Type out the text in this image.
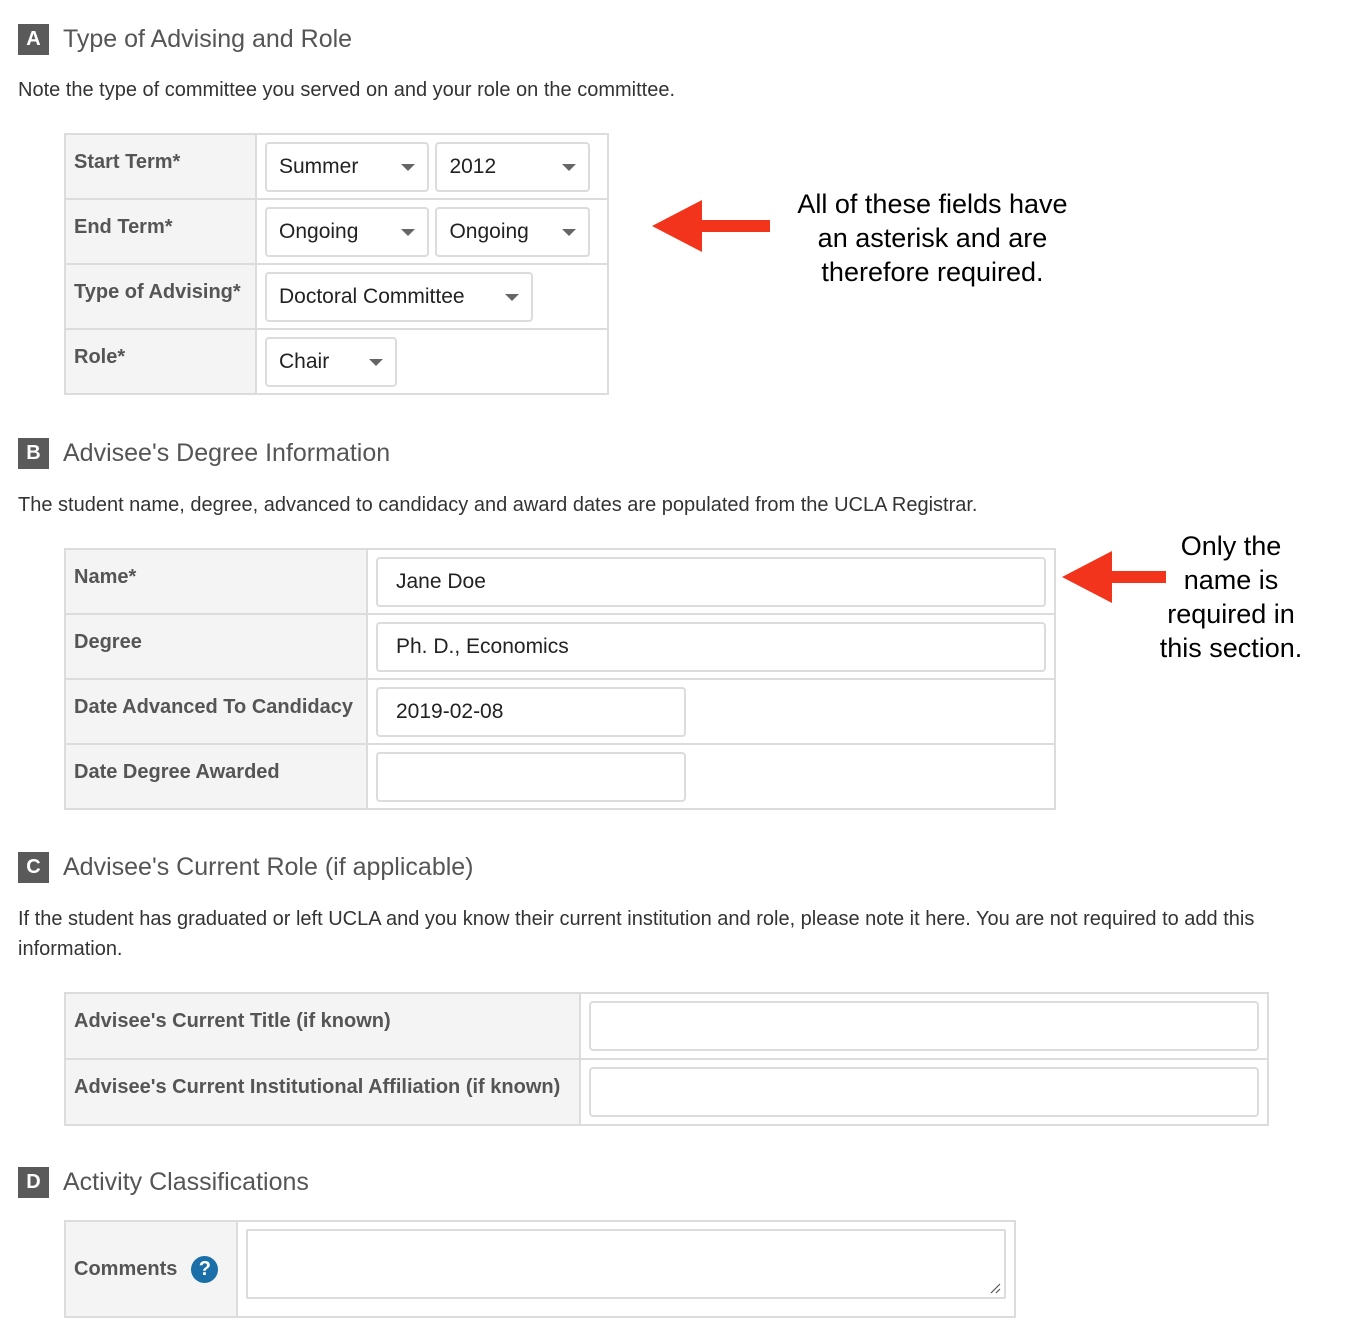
A Type of Advising and Role
Note the type of committee you served on and your role on the committee.
Start Term*	Summer
2012

End Term*	Ongoing
Ongoing

Type of Advising*	Doctoral Committee

Role*	Chair
All of these fields have
an asterisk and are
therefore required.
B Advisee's Degree Information
The student name, degree, advanced to candidacy and award dates are populated from the UCLA Registrar.
Name*	Jane Doe

Degree	Ph. D., Economics

Date Advanced To Candidacy	2019-02-08

Date Degree Awarded	
Only the
name is
required in
this section.
C Advisee's Current Role (if applicable)
If the student has graduated or left UCLA and you know their current institution and role, please note it here. You are not required to add this information.
Advisee's Current Title (if known)	

Advisee's Current Institutional Affiliation (if known)	
D Activity Classifications
Comments ?	
